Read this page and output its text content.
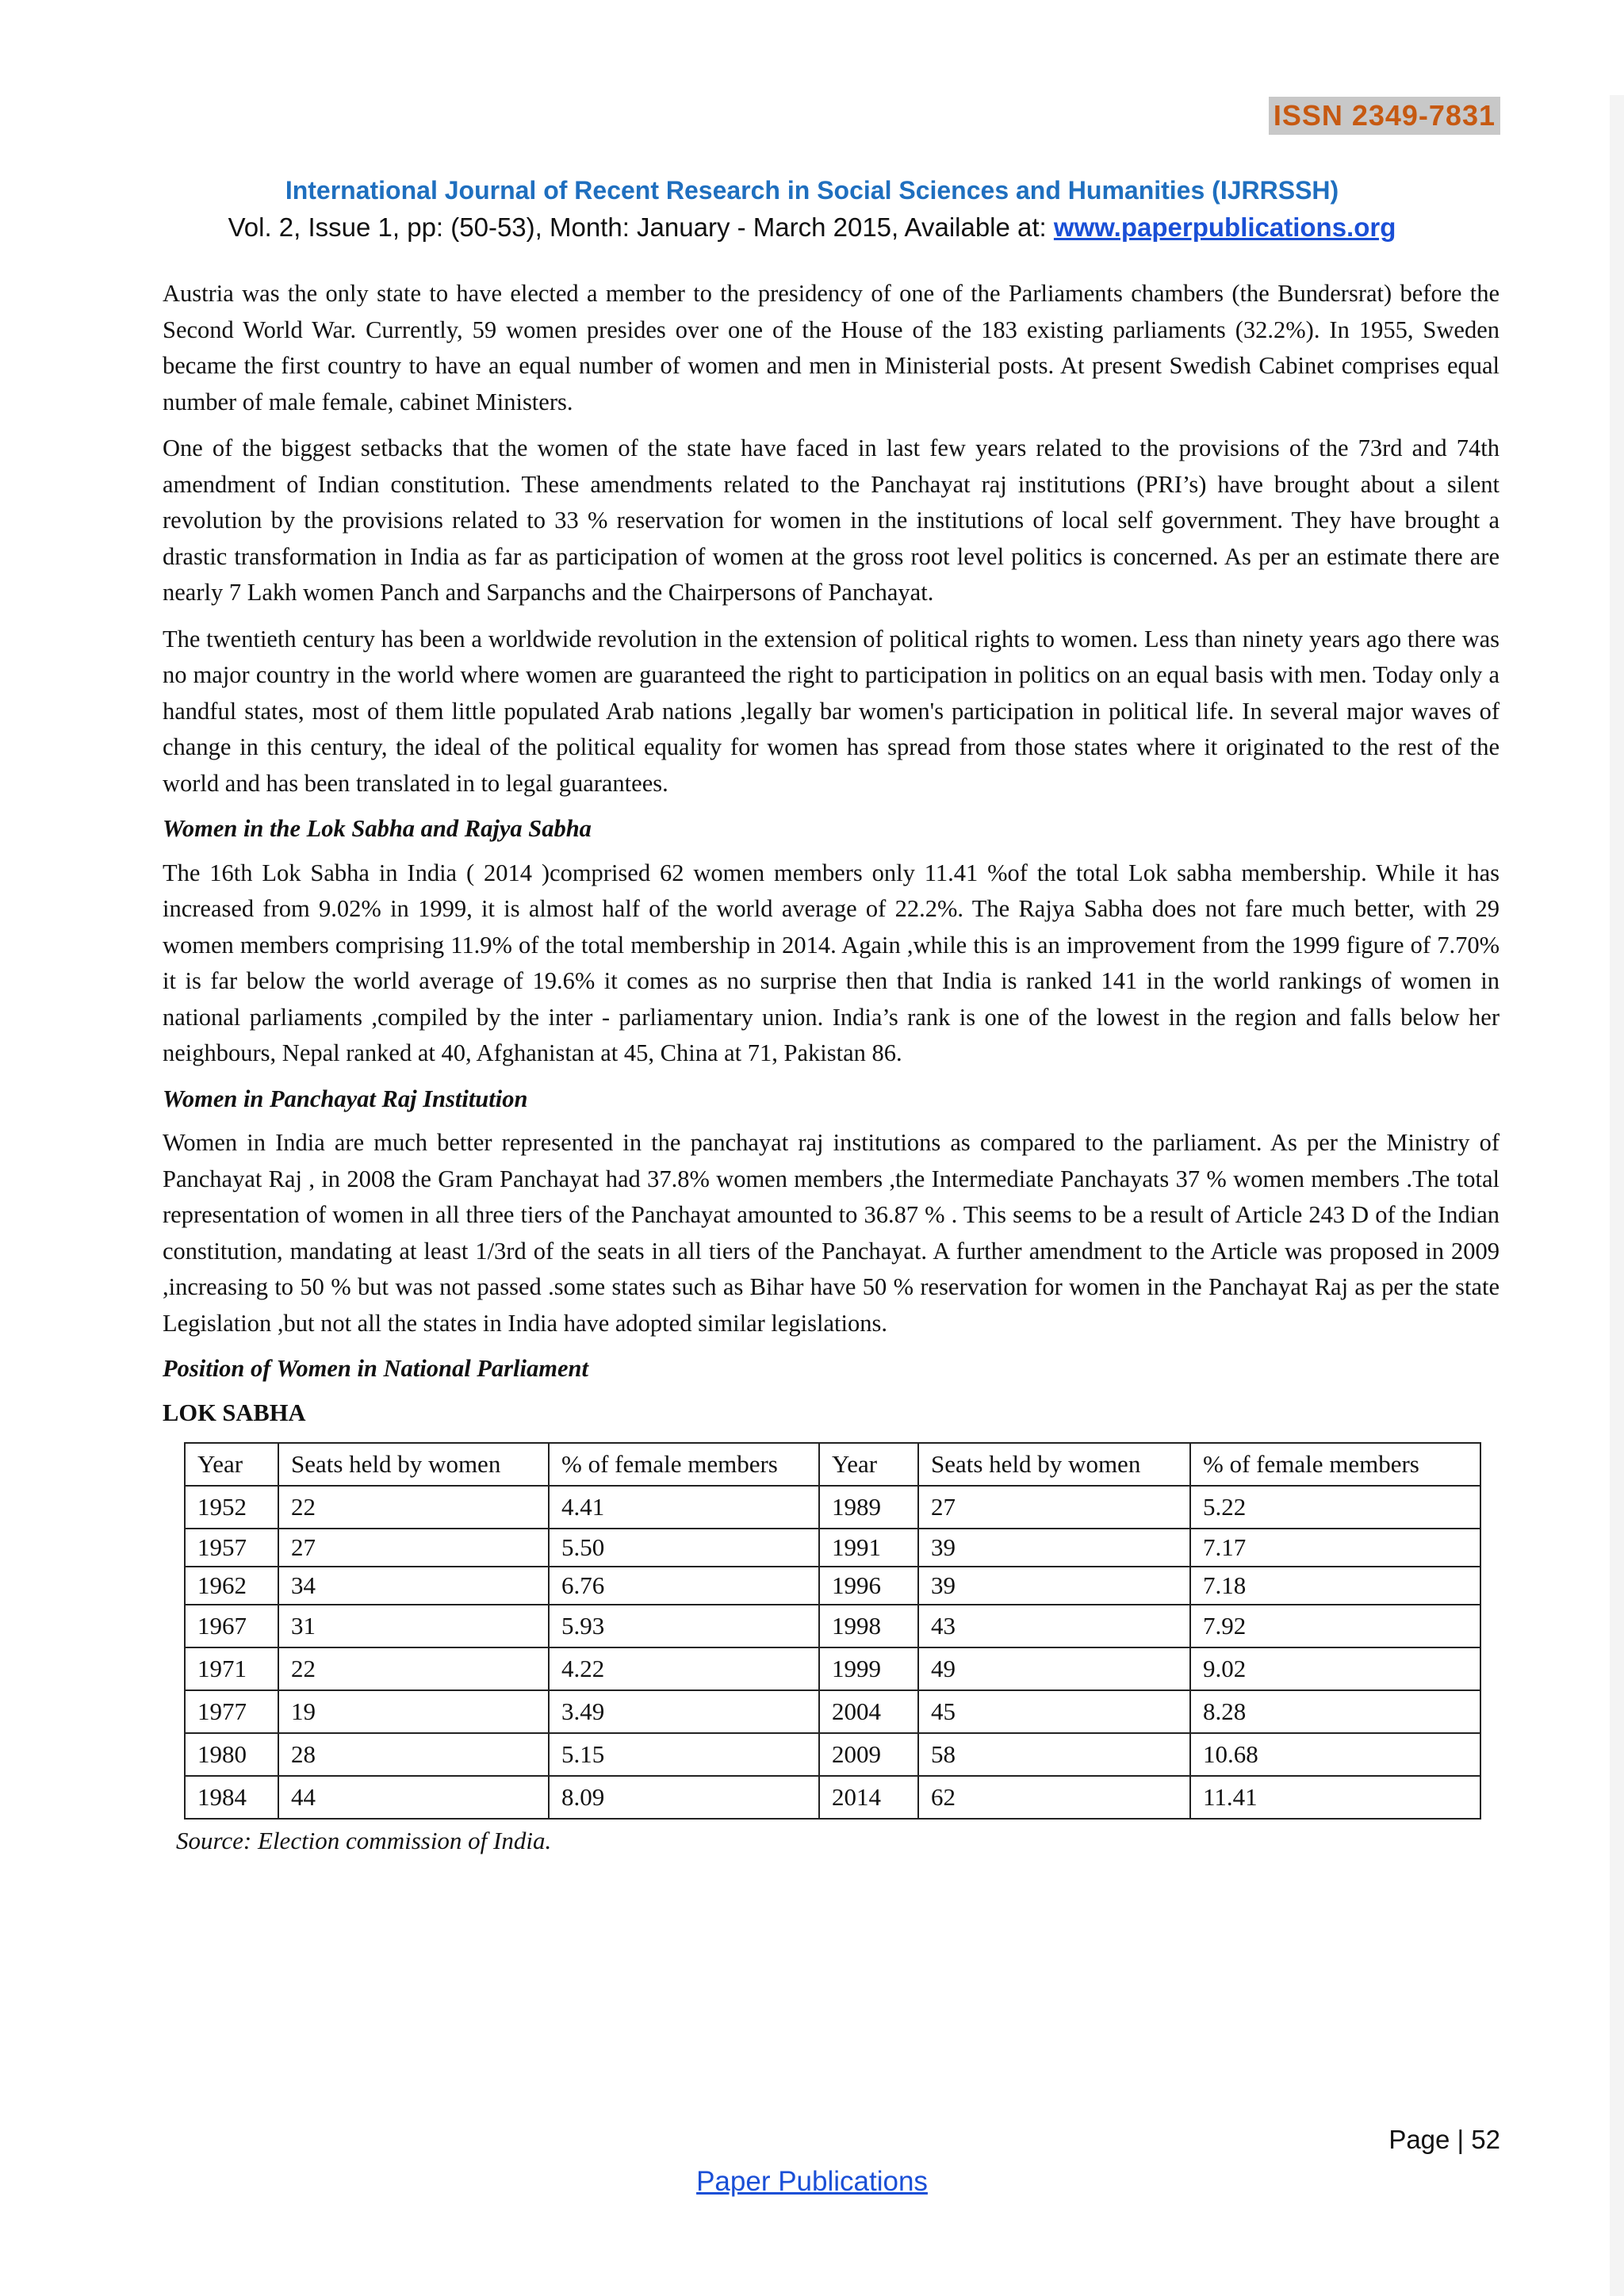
ISSN 2349-7831
International Journal of Recent Research in Social Sciences and Humanities (IJRRSSH)
Vol. 2, Issue 1, pp: (50-53), Month: January - March 2015, Available at: www.paperpublications.org

Austria was the only state to have elected a member to the presidency of one of the Parliaments chambers (the Bundersrat) before the Second World War. Currently, 59 women presides over one of the House of the 183 existing parliaments (32.2%). In 1955, Sweden became the first country to have an equal number of women and men in Ministerial posts. At present Swedish Cabinet comprises equal number of male female, cabinet Ministers.

One of the biggest setbacks that the women of the state have faced in last few years related to the provisions of the 73rd and 74th amendment of Indian constitution. These amendments related to the Panchayat raj institutions (PRI’s) have brought about a silent revolution by the provisions related to 33 % reservation for women in the institutions of local self government. They have brought a drastic transformation in India as far as participation of women at the gross root level politics is concerned. As per an estimate there are nearly 7 Lakh women Panch and Sarpanchs and the Chairpersons of Panchayat.

The twentieth century has been a worldwide revolution in the extension of political rights to women. Less than ninety years ago there was no major country in the world where women are guaranteed the right to participation in politics on an equal basis with men. Today only a handful states, most of them little populated Arab nations ,legally bar women's participation in political life. In several major waves of change in this century, the ideal of the political equality for women has spread from those states where it originated to the rest of the world and has been translated in to legal guarantees.

Women in the Lok Sabha and Rajya Sabha

The 16th Lok Sabha in India ( 2014 )comprised 62 women members only 11.41 %of the total Lok sabha membership. While it has increased from 9.02% in 1999, it is almost half of the world average of 22.2%. The Rajya Sabha does not fare much better, with 29 women members comprising 11.9% of the total membership in 2014. Again ,while this is an improvement from the 1999 figure of 7.70% it is far below the world average of 19.6% it comes as no surprise then that India is ranked 141 in the world rankings of women in national parliaments ,compiled by the inter - parliamentary union. India’s rank is one of the lowest in the region and falls below her neighbours, Nepal ranked at 40, Afghanistan at 45, China at 71, Pakistan 86.

Women in Panchayat Raj Institution

Women in India are much better represented in the panchayat raj institutions as compared to the parliament. As per the Ministry of Panchayat Raj , in 2008 the Gram Panchayat had 37.8% women members ,the Intermediate Panchayats 37 % women members .The total representation of women in all three tiers of the Panchayat amounted to 36.87 % . This seems to be a result of Article 243 D of the Indian constitution, mandating at least 1/3rd of the seats in all tiers of the Panchayat. A further amendment to the Article was proposed in 2009 ,increasing to 50 % but was not passed .some states such as Bihar have 50 % reservation for women in the Panchayat Raj as per the state Legislation ,but not all the states in India have adopted similar legislations.

Position of Women in National Parliament
LOK SABHA
Year	Seats held by women	% of female members	Year	Seats held by women	% of female members
1952	22	4.41	1989	27	5.22
1957	27	5.50	1991	39	7.17
1962	34	6.76	1996	39	7.18
1967	31	5.93	1998	43	7.92
1971	22	4.22	1999	49	9.02
1977	19	3.49	2004	45	8.28
1980	28	5.15	2009	58	10.68
1984	44	8.09	2014	62	11.41
Source: Election commission of India.
Page | 52
Paper Publications
